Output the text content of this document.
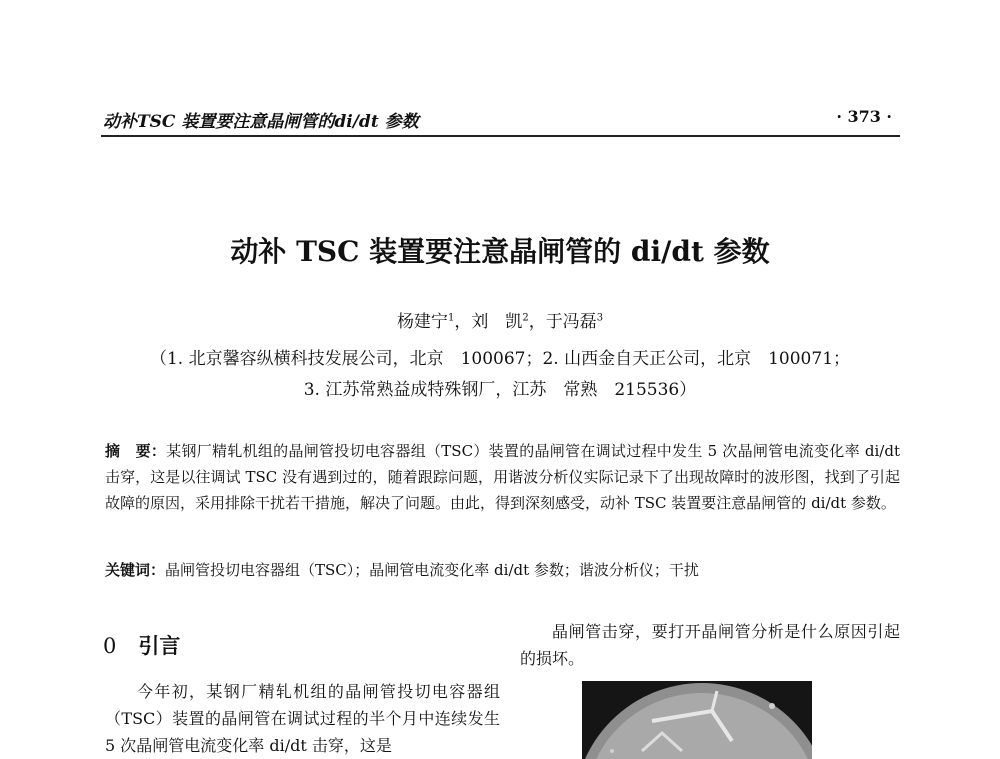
动补TSC 装置要注意晶闸管的di/dt 参数	· 373 ·
动补 TSC 装置要注意晶闸管的 di/dt 参数
杨建宁$^1$，刘　凯$^2$，于冯磊$^3$
（1. 北京馨容纵横科技发展公司，北京　100067；2. 山西金自天正公司，北京　100071；
3. 江苏常熟益成特殊钢厂，江苏　常熟　215536）
摘　要：某钢厂精轧机组的晶闸管投切电容器组（TSC）装置的晶闸管在调试过程中发生 5 次晶闸管电流变化率 di/dt 击穿，这是以往调试 TSC 没有遇到过的，随着跟踪问题，用谐波分析仪实际记录下了出现故障时的波形图，找到了引起故障的原因，采用排除干扰若干措施，解决了问题。由此，得到深刻感受，动补 TSC 装置要注意晶闸管的 di/dt 参数。
关键词：晶闸管投切电容器组（TSC）；晶闸管电流变化率 di/dt 参数；谐波分析仪；干扰
0 引言
今年初，某钢厂精轧机组的晶闸管投切电容器组（TSC）装置的晶闸管在调试过程的半个月中连续发生 5 次晶闸管电流变化率 di/dt 击穿，这是
晶闸管击穿，要打开晶闸管分析是什么原因引起的损坏。
